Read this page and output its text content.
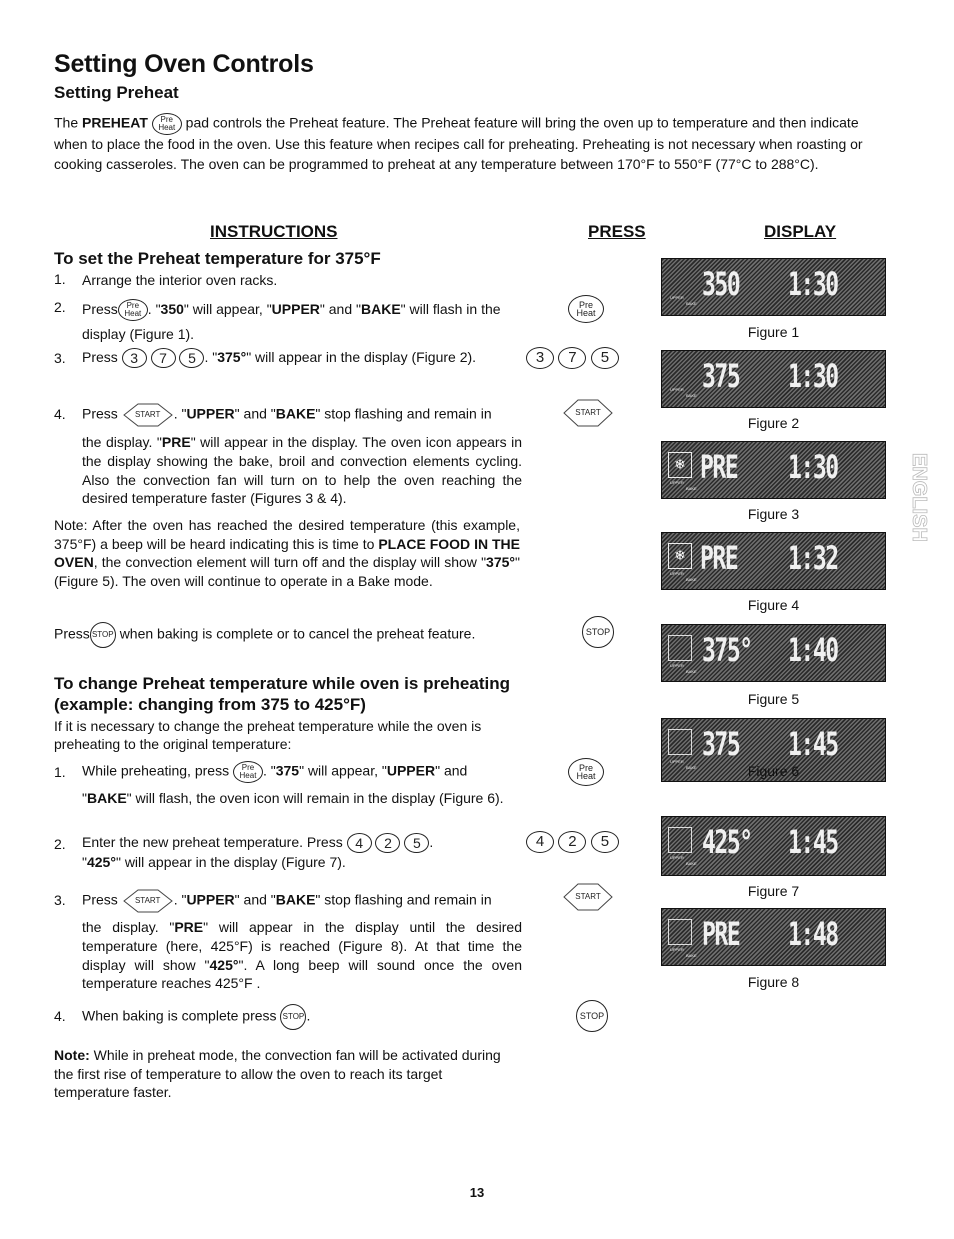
Setting Oven Controls
Setting Preheat

The PREHEAT Pre
Heat pad controls the Preheat feature. The Preheat feature will bring the oven up to temperature and then indicate when to place the food in the oven. Use this feature when recipes call for preheating. Preheating is not necessary when roasting or cooking casseroles. The oven can be programmed to preheat at any temperature between 170°F to 550°F (77°C to 288°C).

INSTRUCTIONS	PRESS	DISPLAY
To set the Preheat temperature for 375°F
1. Arrange the interior oven racks.
2. Press Pre
Heat . "350" will appear, "UPPER" and "BAKE" will flash in the display (Figure 1).
3. Press 3 7 5 . "375°" will appear in the display (Figure 2).
4. Press START . "UPPER" and "BAKE" stop flashing and remain in
the display. "PRE" will appear in the display. The oven icon appears in the display showing the bake, broil and convection elements cycling. Also the convection fan will turn on to help the oven reaching the desired temperature faster (Figures 3 & 4).
Note: After the oven has reached the desired temperature (this example, 375°F) a beep will be heard indicating this is time to PLACE FOOD IN THE OVEN, the convection element will turn off and the display will show "375°" (Figure 5). The oven will continue to operate in a Bake mode.
Press STOP when baking is complete or to cancel the preheat feature.
To change Preheat temperature while oven is preheating (example: changing from 375 to 425°F)
If it is necessary to change the preheat temperature while the oven is preheating to the original temperature:
1. While preheating, press Pre
Heat . "375" will appear, "UPPER" and
"BAKE" will flash, the oven icon will remain in the display (Figure 6).
2. Enter the new preheat temperature. Press 4 2 5 .
"425°" will appear in the display (Figure 7).
3. Press START . "UPPER" and "BAKE" stop flashing and remain in
the display. "PRE" will appear in the display until the desired temperature (here, 425°F) is reached (Figure 8). At that time the display will show "425°". A long beep will sound once the oven temperature reaches 425°F .
4. When baking is complete press STOP .
Note: While in preheat mode, the convection fan will be activated during the first rise of temperature to allow the oven to reach its target temperature faster.
Pre
Heat
3 7 5
START
STOP
Pre
Heat
4 2 5
START
STOP
350 1:30
UPPER
BAKE
Figure 1
375 1:30
UPPER
BAKE
Figure 2
❄ PRE 1:30
UPPER
BAKE
Figure 3
❄ PRE 1:32
UPPER
BAKE
Figure 4
375° 1:40
UPPER
BAKE
Figure 5
375 1:45
UPPER
BAKE	Figure 6
425° 1:45
UPPER
BAKE
Figure 7
PRE 1:48
UPPER
BAKE
Figure 8
ENGLISH
13
